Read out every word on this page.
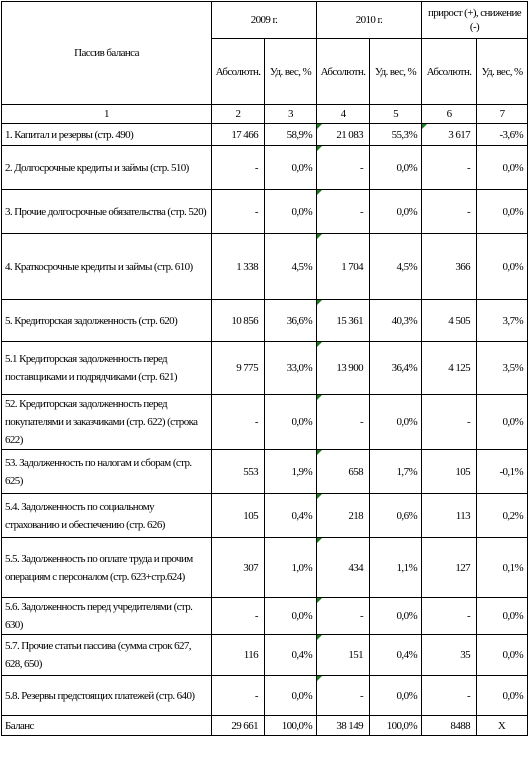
Пассив баланса	2009 г.		2010 г.		прирост (+), снижение (-)	
	Абсолютн.	Уд. вес, %	Абсолютн.	Уд. вес, %	Абсолютн.	Уд. вес, %
1	2	3	4	5	6	7
1. Капитал и резервы (стр. 490)	17 466	58,9%	21 083	55,3%	3 617	-3,6%
2. Долгосрочные кредиты и займы (стр. 510)	-	0,0%	-	0,0%	-	0,0%
3. Прочие долгосрочные обязательства (стр. 520)	-	0,0%	-	0,0%	-	0,0%
4. Краткосрочные кредиты и займы (стр. 610)	1 338	4,5%	1 704	4,5%	366	0,0%
5. Кредиторская задолженность (стр. 620)	10 856	36,6%	15 361	40,3%	4 505	3,7%
5.1 Кредиторская задолженность перед поставщиками и подрядчиками (стр. 621)	9 775	33,0%	13 900	36,4%	4 125	3,5%
52. Кредиторская задолженность перед покупателями и заказчиками (стр. 622) (строка 622)	-	0,0%	-	0,0%	-	0,0%
53. Задолженность по налогам и сборам (стр. 625)	553	1,9%	658	1,7%	105	-0,1%
5.4. Задолженность по социальному страхованию и обеспечению (стр. 626)	105	0,4%	218	0,6%	113	0,2%
5.5. Задолженность по оплате труда и прочим операциям с персоналом (стр. 623+стр.624)	307	1,0%	434	1,1%	127	0,1%
5.6. Задолженность перед учредителями (стр. 630)	-	0,0%	-	0,0%	-	0,0%
5.7. Прочие статьи пассива (сумма строк 627, 628, 650)	116	0,4%	151	0,4%	35	0,0%
5.8. Резервы предстоящих платежей (стр. 640)	-	0,0%	-	0,0%	-	0,0%
Баланс	29 661	100,0%	38 149	100,0%	8488	X
